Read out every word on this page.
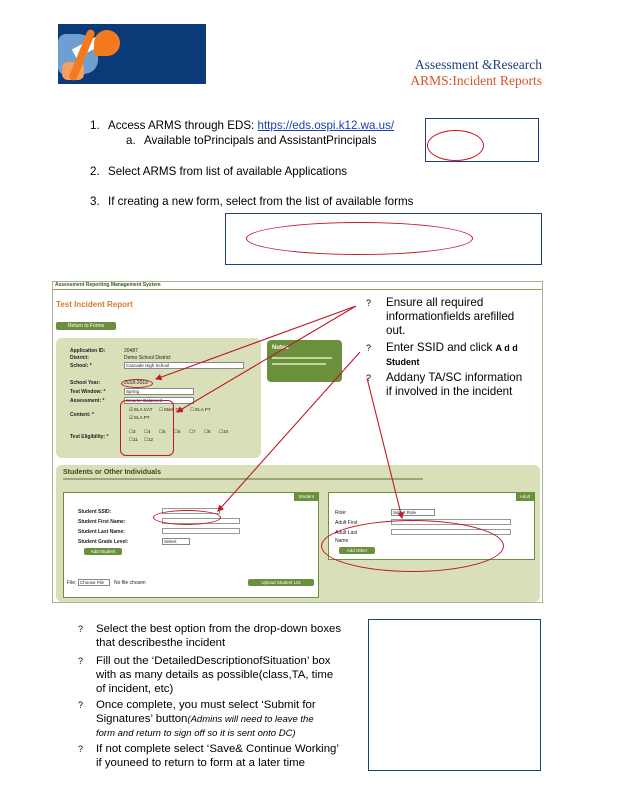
Assessment &Research
ARMS:Incident Reports
1. Access ARMS through EDS: https://eds.ospi.k12.wa.us/
a. Available toPrincipals and AssistantPrincipals
2. Select ARMS from list of available Applications
3. If creating a new form, select from the list of available forms
Assessment Reporting Management System
Test Incident Report
Return to Forms
Application ID:	20487
District:	Demo School District
School: *	Cascade High School
School Year:	2018-2019
Test Window: *	Spring
Assessment: *	Smarter Balanced
Content: *
☑ ELA CAT ☐ Math CAT ☐ ELA PT
☑ ELA PT
Test Eligibility: *
☐3 ☐4 ☐5 ☐6 ☐7 ☐8 ☐10
☐11 ☐12
Notes
Students or Other Individuals
Student
Student SSID:
Student First Name:
Student Last Name:
Student Grade Level:	Select
Add Student
File: Choose File	No file chosen	Upload Student List
Adult
Role:	Select Role
Adult First
Adult Last
Name
Add Other
? Ensure all required
informationfields arefilled
out.
? Enter SSID and click A d d
Student
? Addany TA/SC information
if involved in the incident
?	Select the best option from the drop-down boxes
that describesthe incident
?	Fill out the ‘DetailedDescriptionofSituation’ box
with as many details as possible(class,TA, time
of incident, etc)
?	Once complete, you must select ‘Submit for
Signatures’ button(Admins will need to leave the
form and return to sign off so it is sent onto DC)
?	If not complete select ‘Save& Continue Working’
if youneed to return to form at a later time
